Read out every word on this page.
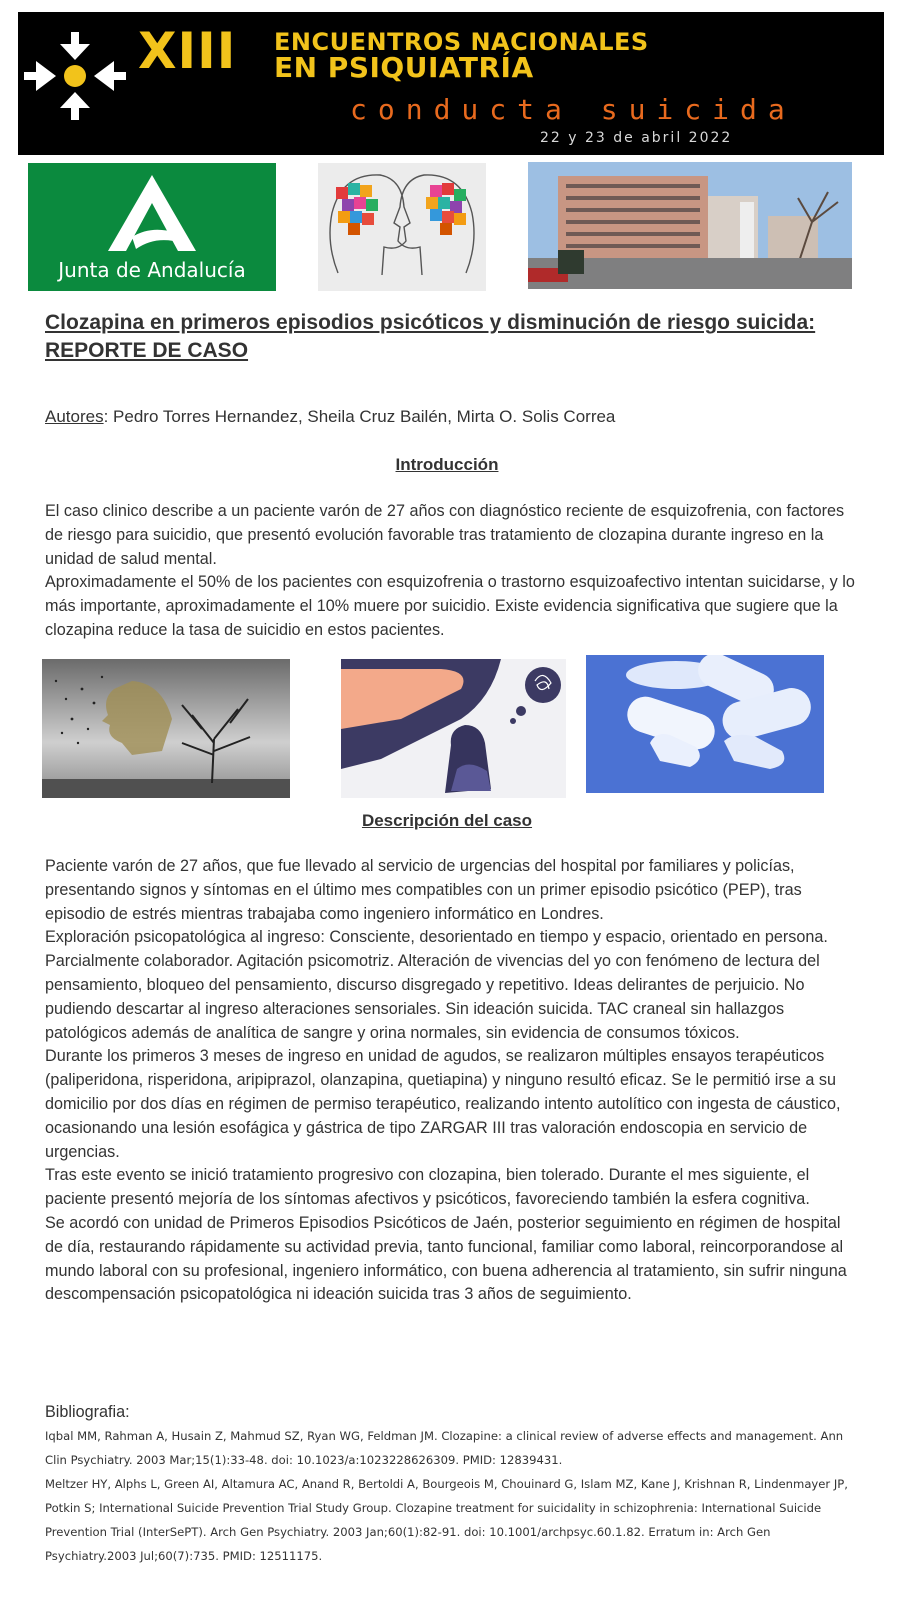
XIII ENCUENTROS NACIONALES
EN PSIQUIATRÍA
conducta suicida
22 y 23 de abril 2022
Junta de Andalucía
Clozapina en primeros episodios psicóticos y disminución de riesgo suicida: REPORTE DE CASO
Autores: Pedro Torres Hernandez, Sheila Cruz Bailén, Mirta O. Solis Correa
Introducción

El caso clinico describe a un paciente varón de 27 años con diagnóstico reciente de esquizofrenia, con factores de riesgo para suicidio, que presentó evolución favorable tras tratamiento de clozapina durante ingreso en la unidad de salud mental.

Aproximadamente el 50% de los pacientes con esquizofrenia o trastorno esquizoafectivo intentan suicidarse, y lo más importante, aproximadamente el 10% muere por suicidio. Existe evidencia significativa que sugiere que la clozapina reduce la tasa de suicidio en estos pacientes.

Descripción del caso

Paciente varón de 27 años, que fue llevado al servicio de urgencias del hospital por familiares y policías, presentando signos y síntomas en el último mes compatibles con un primer episodio psicótico (PEP), tras episodio de estrés mientras trabajaba como ingeniero informático en Londres.

Exploración psicopatológica al ingreso: Consciente, desorientado en tiempo y espacio, orientado en persona. Parcialmente colaborador. Agitación psicomotriz. Alteración de vivencias del yo con fenómeno de lectura del pensamiento, bloqueo del pensamiento, discurso disgregado y repetitivo. Ideas delirantes de perjuicio. No pudiendo descartar al ingreso alteraciones sensoriales. Sin ideación suicida. TAC craneal sin hallazgos patológicos además de analítica de sangre y orina normales, sin evidencia de consumos tóxicos.

Durante los primeros 3 meses de ingreso en unidad de agudos, se realizaron múltiples ensayos terapéuticos (paliperidona, risperidona, aripiprazol, olanzapina, quetiapina) y ninguno resultó eficaz. Se le permitió irse a su domicilio por dos días en régimen de permiso terapéutico, realizando intento autolítico con ingesta de cáustico, ocasionando una lesión esofágica y gástrica de tipo ZARGAR III tras valoración endoscopia en servicio de urgencias.

Tras este evento se inició tratamiento progresivo con clozapina, bien tolerado. Durante el mes siguiente, el paciente presentó mejoría de los síntomas afectivos y psicóticos, favoreciendo también la esfera cognitiva.

Se acordó con unidad de Primeros Episodios Psicóticos de Jaén, posterior seguimiento en régimen de hospital de día, restaurando rápidamente su actividad previa, tanto funcional, familiar como laboral, reincorporandose al mundo laboral con su profesional, ingeniero informático, con buena adherencia al tratamiento, sin sufrir ninguna descompensación psicopatológica ni ideación suicida tras 3 años de seguimiento.

Bibliografia:

Iqbal MM, Rahman A, Husain Z, Mahmud SZ, Ryan WG, Feldman JM. Clozapine: a clinical review of adverse effects and management. Ann Clin Psychiatry. 2003 Mar;15(1):33-48. doi: 10.1023/a:1023228626309. PMID: 12839431.

Meltzer HY, Alphs L, Green AI, Altamura AC, Anand R, Bertoldi A, Bourgeois M, Chouinard G, Islam MZ, Kane J, Krishnan R, Lindenmayer JP, Potkin S; International Suicide Prevention Trial Study Group. Clozapine treatment for suicidality in schizophrenia: International Suicide Prevention Trial (InterSePT). Arch Gen Psychiatry. 2003 Jan;60(1):82-91. doi: 10.1001/archpsyc.60.1.82. Erratum in: Arch Gen Psychiatry.2003 Jul;60(7):735. PMID: 12511175.
